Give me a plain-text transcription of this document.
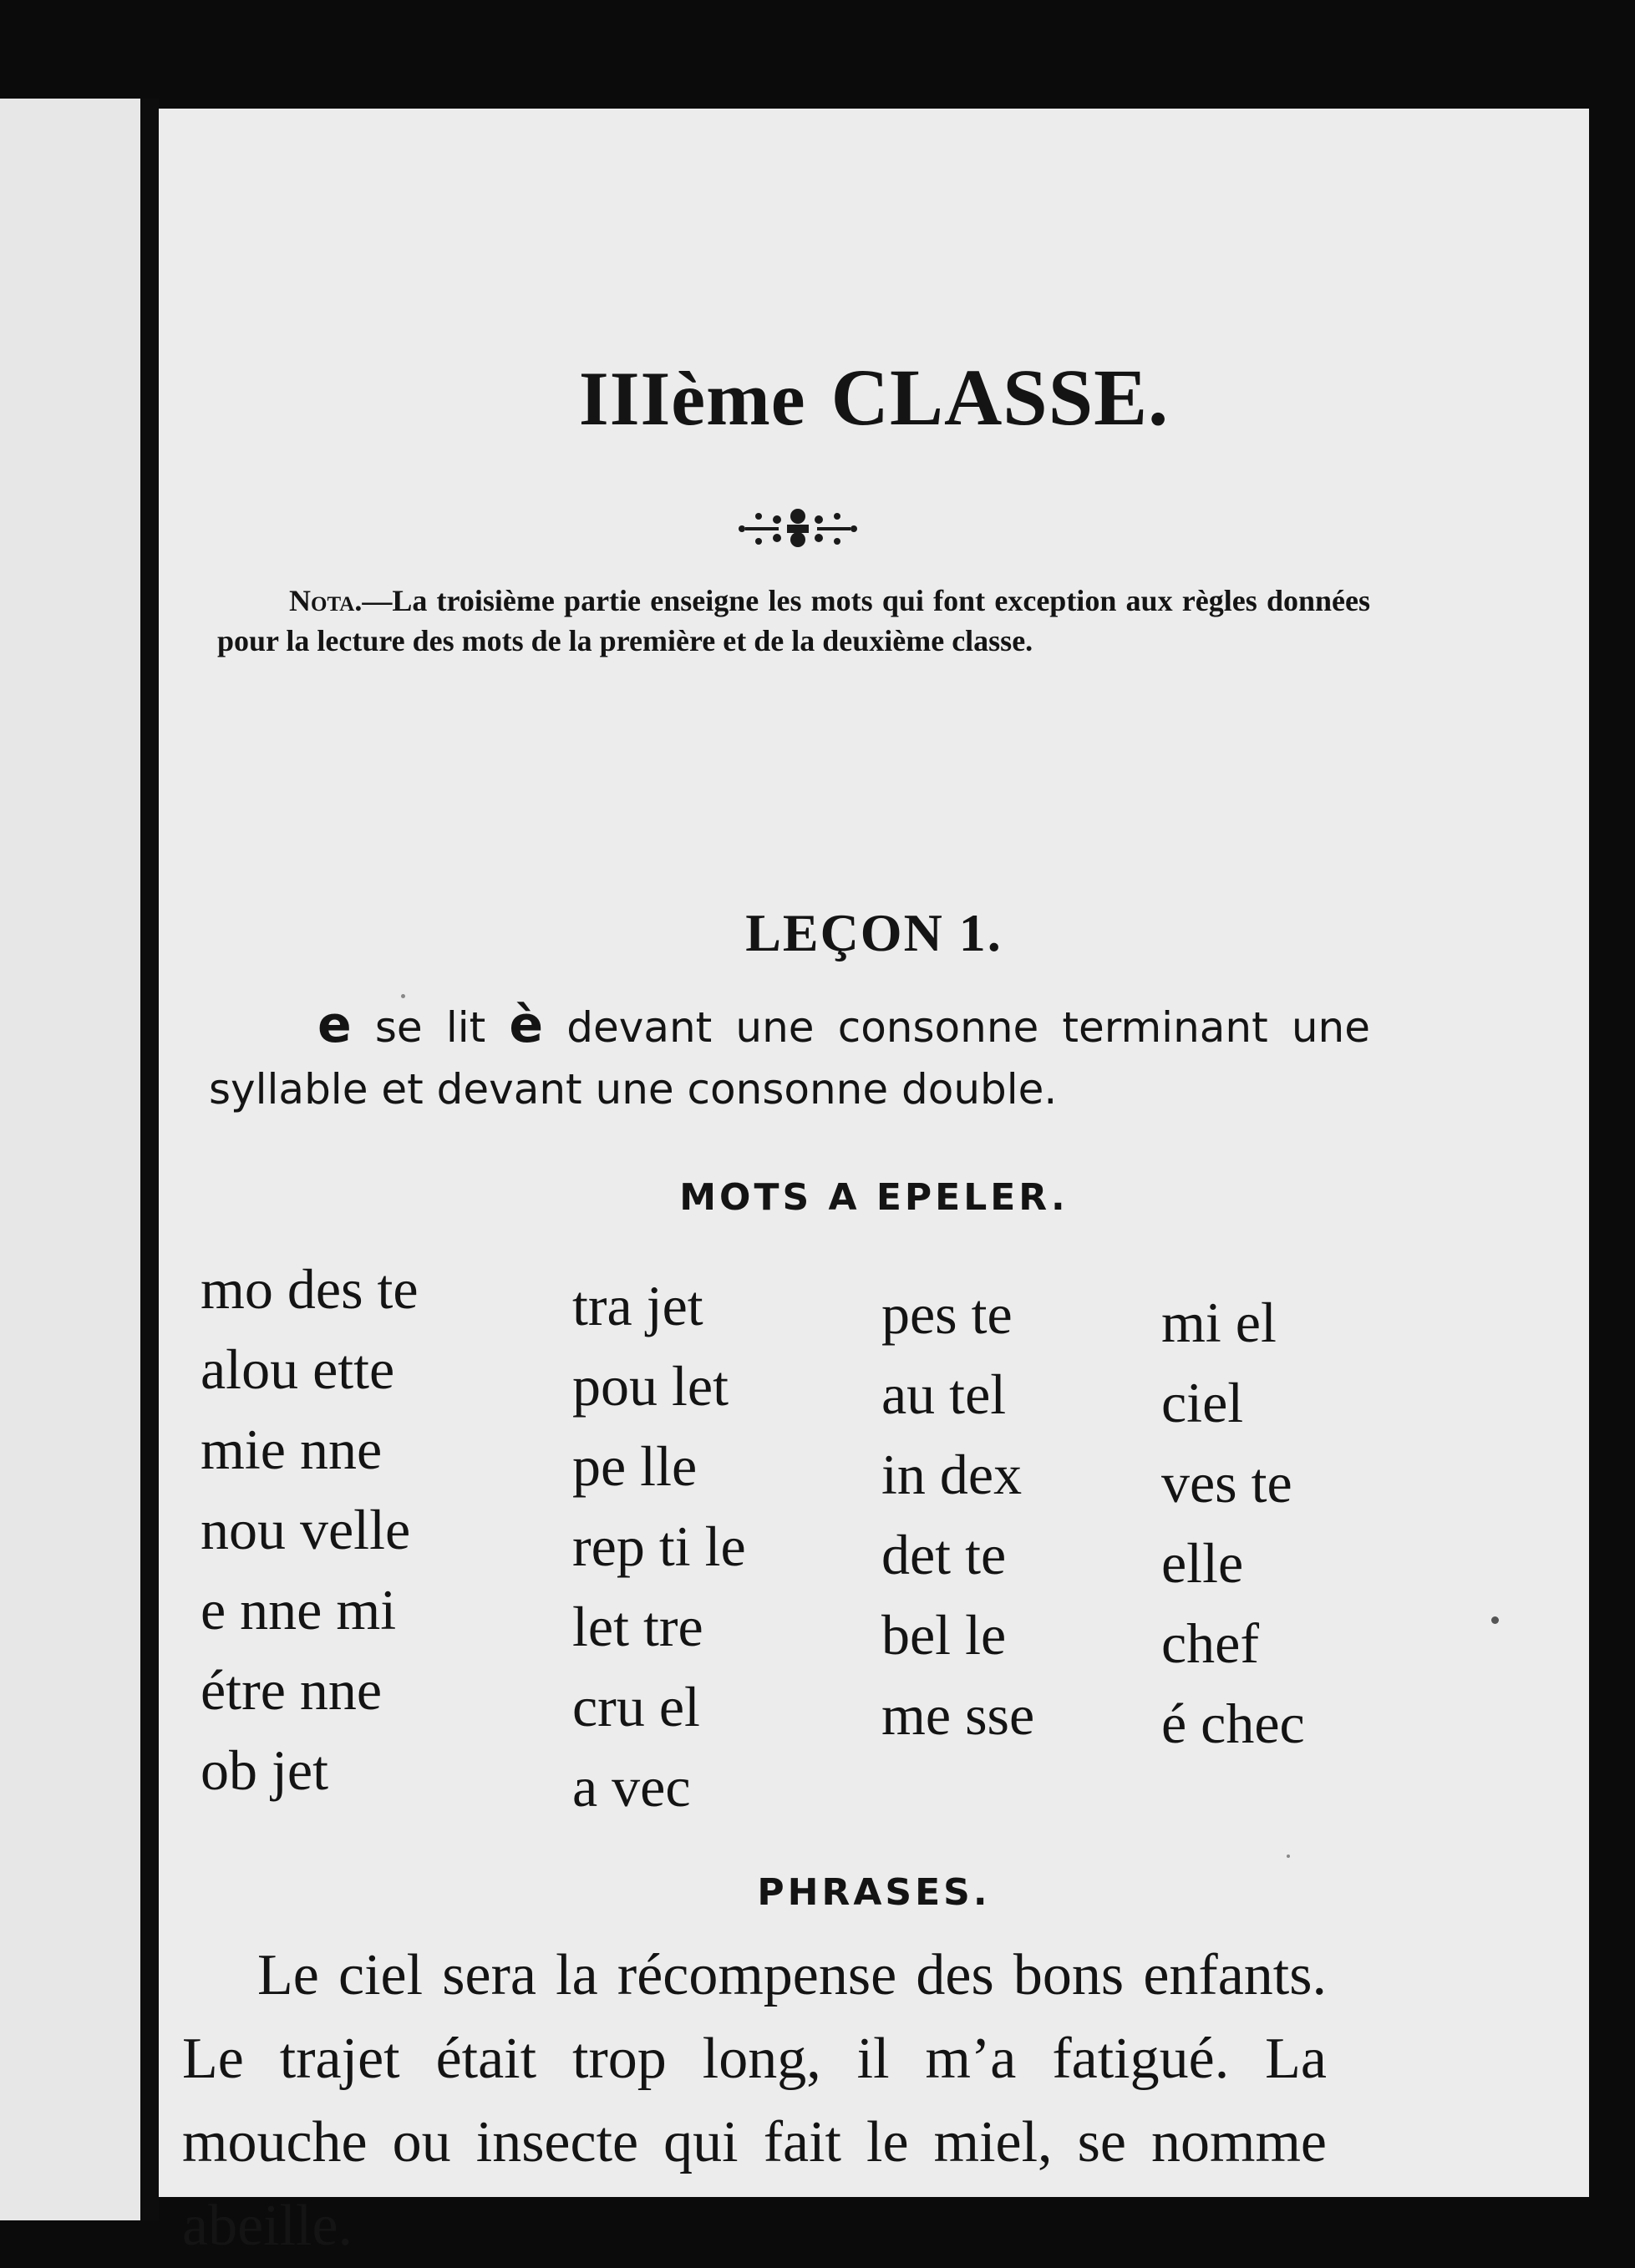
IIIème CLASSE.
Nota.—La troisième partie enseigne les mots qui font exception aux règles données pour la lecture des mots de la première et de la deuxième classe.
LEÇON 1.
e se lit è devant une consonne terminant une syllable et devant une consonne double.
MOTS A EPELER.
mo des te
alou ette
mie nne
nou velle
e nne mi
étre nne
ob jet
tra jet
pou let
pe lle
rep ti le
let tre
cru el
a vec
pes te
au tel
in dex
det te
bel le
me sse
mi el
ciel
ves te
elle
chef
é chec
PHRASES.
Le ciel sera la récompense des bons enfants. Le trajet était trop long, il m’a fatigué. La mouche ou insecte qui fait le miel, se nomme abeille.
